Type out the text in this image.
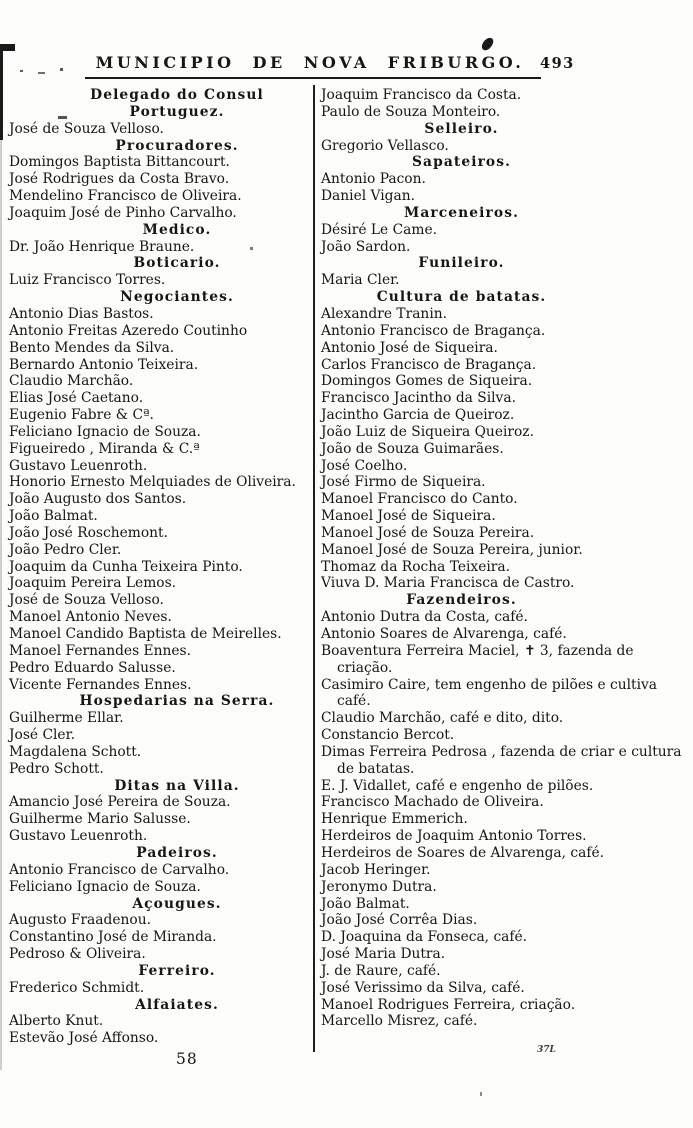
MUNICIPIO DE NOVA FRIBURGO.	493
Delegado do Consul Portuguez.
José de Souza Velloso.
Procuradores.
Domingos Baptista Bittancourt.
José Rodrigues da Costa Bravo.
Mendelino Francisco de Oliveira.
Joaquim José de Pinho Carvalho.
Medico.
Dr. João Henrique Braune.
Boticario.
Luiz Francisco Torres.
Negociantes.
Antonio Dias Bastos.
Antonio Freitas Azeredo Coutinho
Bento Mendes da Silva.
Bernardo Antonio Teixeira.
Claudio Marchão.
Elias José Caetano.
Eugenio Fabre & Cª.
Feliciano Ignacio de Souza.
Figueiredo , Miranda & C.ª
Gustavo Leuenroth.
Honorio Ernesto Melquiades de Oliveira.
João Augusto dos Santos.
João Balmat.
João José Roschemont.
João Pedro Cler.
Joaquim da Cunha Teixeira Pinto.
Joaquim Pereira Lemos.
José de Souza Velloso.
Manoel Antonio Neves.
Manoel Candido Baptista de Meirelles.
Manoel Fernandes Ennes.
Pedro Eduardo Salusse.
Vicente Fernandes Ennes.
Hospedarias na Serra.
Guilherme Ellar.
José Cler.
Magdalena Schott.
Pedro Schott.
Ditas na Villa.
Amancio José Pereira de Souza.
Guilherme Mario Salusse.
Gustavo Leuenroth.
Padeiros.
Antonio Francisco de Carvalho.
Feliciano Ignacio de Souza.
Açougues.
Augusto Fraadenou.
Constantino José de Miranda.
Pedroso & Oliveira.
Ferreiro.
Frederico Schmidt.
Alfaiates.
Alberto Knut.
Estevão José Affonso.
Joaquim Francisco da Costa.
Paulo de Souza Monteiro.
Selleiro.
Gregorio Vellasco.
Sapateiros.
Antonio Pacon.
Daniel Vigan.
Marceneiros.
Désiré Le Came.
João Sardon.
Funileiro.
Maria Cler.
Cultura de batatas.
Alexandre Tranin.
Antonio Francisco de Bragança.
Antonio José de Siqueira.
Carlos Francisco de Bragança.
Domingos Gomes de Siqueira.
Francisco Jacintho da Silva.
Jacintho Garcia de Queiroz.
João Luiz de Siqueira Queiroz.
João de Souza Guimarães.
José Coelho.
José Firmo de Siqueira.
Manoel Francisco do Canto.
Manoel José de Siqueira.
Manoel José de Souza Pereira.
Manoel José de Souza Pereira, junior.
Thomaz da Rocha Teixeira.
Viuva D. Maria Francisca de Castro.
Fazendeiros.
Antonio Dutra da Costa, café.
Antonio Soares de Alvarenga, café.
Boaventura Ferreira Maciel, ✝ 3, fazenda de criação.
Casimiro Caire, tem engenho de pilões e cultiva café.
Claudio Marchão, café e dito, dito.
Constancio Bercot.
Dimas Ferreira Pedrosa , fazenda de criar e cultura de batatas.
E. J. Vidallet, café e engenho de pilões.
Francisco Machado de Oliveira.
Henrique Emmerich.
Herdeiros de Joaquim Antonio Torres.
Herdeiros de Soares de Alvarenga, café.
Jacob Heringer.
Jeronymo Dutra.
João Balmat.
João José Corrêa Dias.
D. Joaquina da Fonseca, café.
José Maria Dutra.
J. de Raure, café.
José Verissimo da Silva, café.
Manoel Rodrigues Ferreira, criação.
Marcello Misrez, café.
58	37L
